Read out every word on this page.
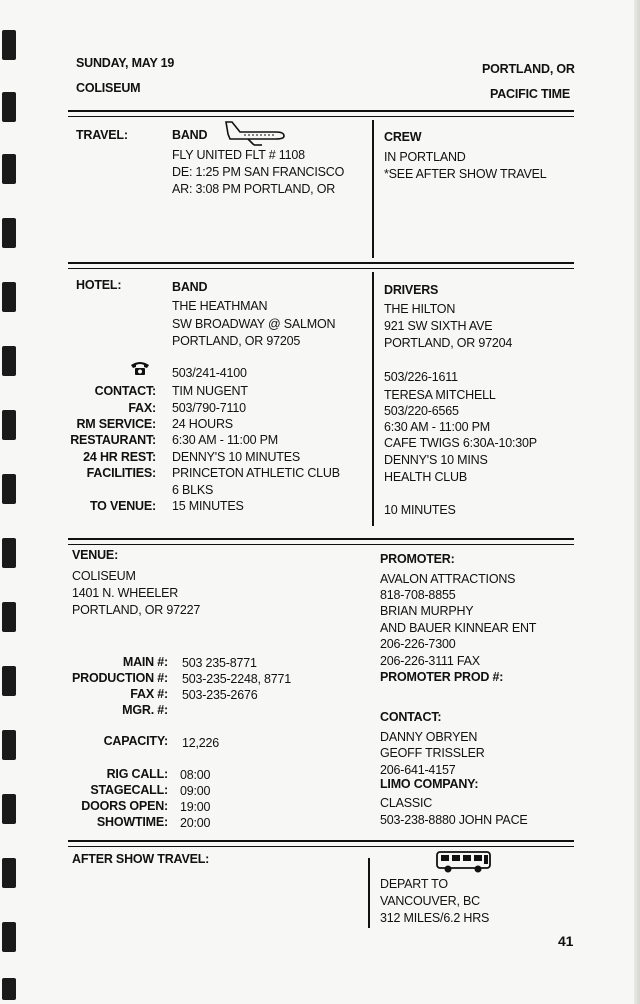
SUNDAY, MAY 19
COLISEUM
PORTLAND, OR
PACIFIC TIME
TRAVEL:	BAND
FLY UNITED FLT # 1108
DE: 1:25 PM SAN FRANCISCO
AR: 3:08 PM PORTLAND, OR
CREW
IN PORTLAND
*SEE AFTER SHOW TRAVEL
HOTEL:	BAND
THE HEATHMAN
SW BROADWAY @ SALMON
PORTLAND, OR 97205
DRIVERS
THE HILTON
921 SW SIXTH AVE
PORTLAND, OR 97204
503/241-4100	503/226-1611
CONTACT: TIM NUGENT	TERESA MITCHELL
FAX: 503/790-7110	503/220-6565
RM SERVICE: 24 HOURS	6:30 AM - 11:00 PM
RESTAURANT: 6:30 AM - 11:00 PM	CAFE TWIGS 6:30A-10:30P
24 HR REST: DENNY'S 10 MINUTES	DENNY'S 10 MINS
FACILITIES: PRINCETON ATHLETIC CLUB	HEALTH CLUB
6 BLKS
TO VENUE: 15 MINUTES	10 MINUTES
VENUE:
COLISEUM
1401 N. WHEELER
PORTLAND, OR 97227
MAIN #: 503 235-8771
PRODUCTION #: 503-235-2248, 8771
FAX #: 503-235-2676
MGR. #:
CAPACITY: 12,226
RIG CALL: 08:00
STAGECALL: 09:00
DOORS OPEN: 19:00
SHOWTIME: 20:00
PROMOTER:
AVALON ATTRACTIONS
818-708-8855
BRIAN MURPHY
AND BAUER KINNEAR ENT
206-226-7300
206-226-3111 FAX
PROMOTER PROD #:
CONTACT:
DANNY OBRYEN
GEOFF TRISSLER
206-641-4157
LIMO COMPANY:
CLASSIC
503-238-8880 JOHN PACE
AFTER SHOW TRAVEL:
DEPART TO
VANCOUVER, BC
312 MILES/6.2 HRS
41
